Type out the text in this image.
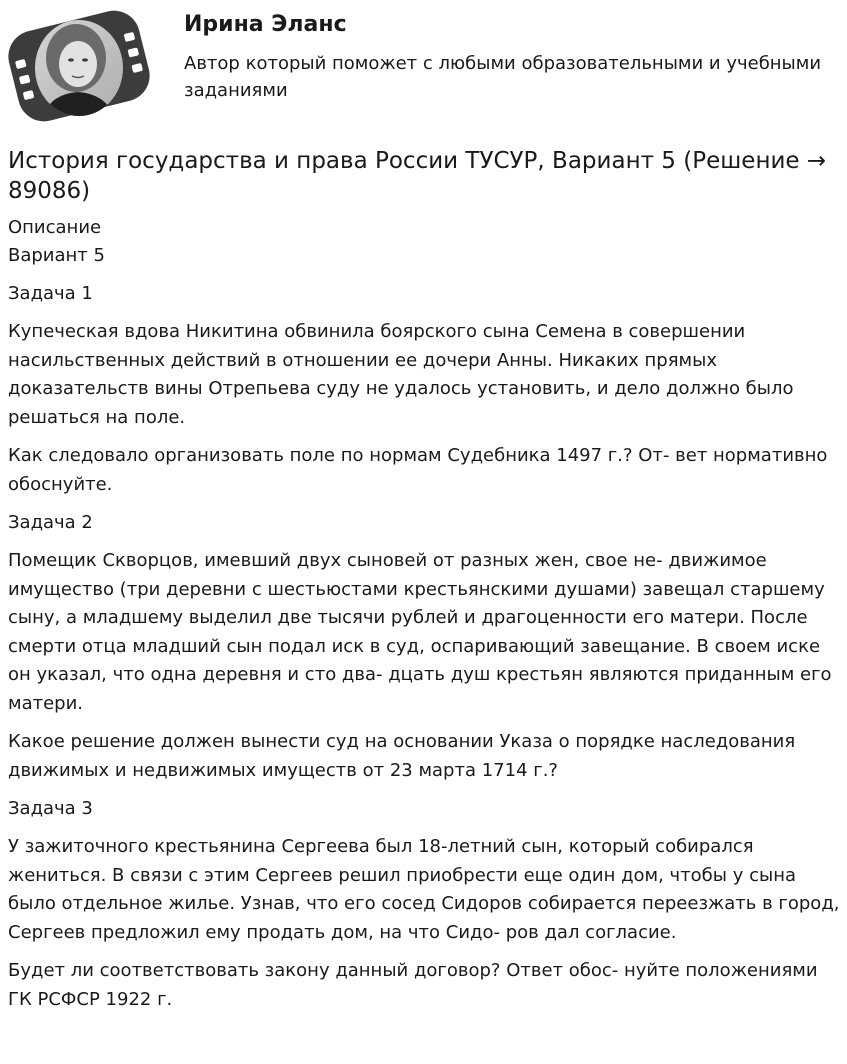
Ирина Эланс
Автор который поможет с любыми образовательными и учебными заданиями
История государства и права России ТУСУР, Вариант 5 (Решение → 89086)

Описание

Вариант 5

Задача 1

Купеческая вдова Никитина обвинила боярского сына Семена в совершении насильственных действий в отношении ее дочери Анны. Никаких прямых доказательств вины Отрепьева суду не удалось установить, и дело должно было решаться на поле.

Как следовало организовать поле по нормам Судебника 1497 г.? От- вет нормативно обоснуйте.

Задача 2

Помещик Скворцов, имевший двух сыновей от разных жен, свое не- движимое имущество (три деревни с шестьюстами крестьянскими душами) завещал старшему сыну, а младшему выделил две тысячи рублей и драгоценности его матери. После смерти отца младший сын подал иск в суд, оспаривающий завещание. В своем иске он указал, что одна деревня и сто два- дцать душ крестьян являются приданным его матери.

Какое решение должен вынести суд на основании Указа о порядке наследования движимых и недвижимых имуществ от 23 марта 1714 г.?

Задача 3

У зажиточного крестьянина Сергеева был 18-летний сын, который собирался жениться. В связи с этим Сергеев решил приобрести еще один дом, чтобы у сына было отдельное жилье. Узнав, что его сосед Сидоров собирается переезжать в город, Сергеев предложил ему продать дом, на что Сидо- ров дал согласие.

Будет ли соответствовать закону данный договор? Ответ обос- нуйте положениями ГК РСФСР 1922 г.
